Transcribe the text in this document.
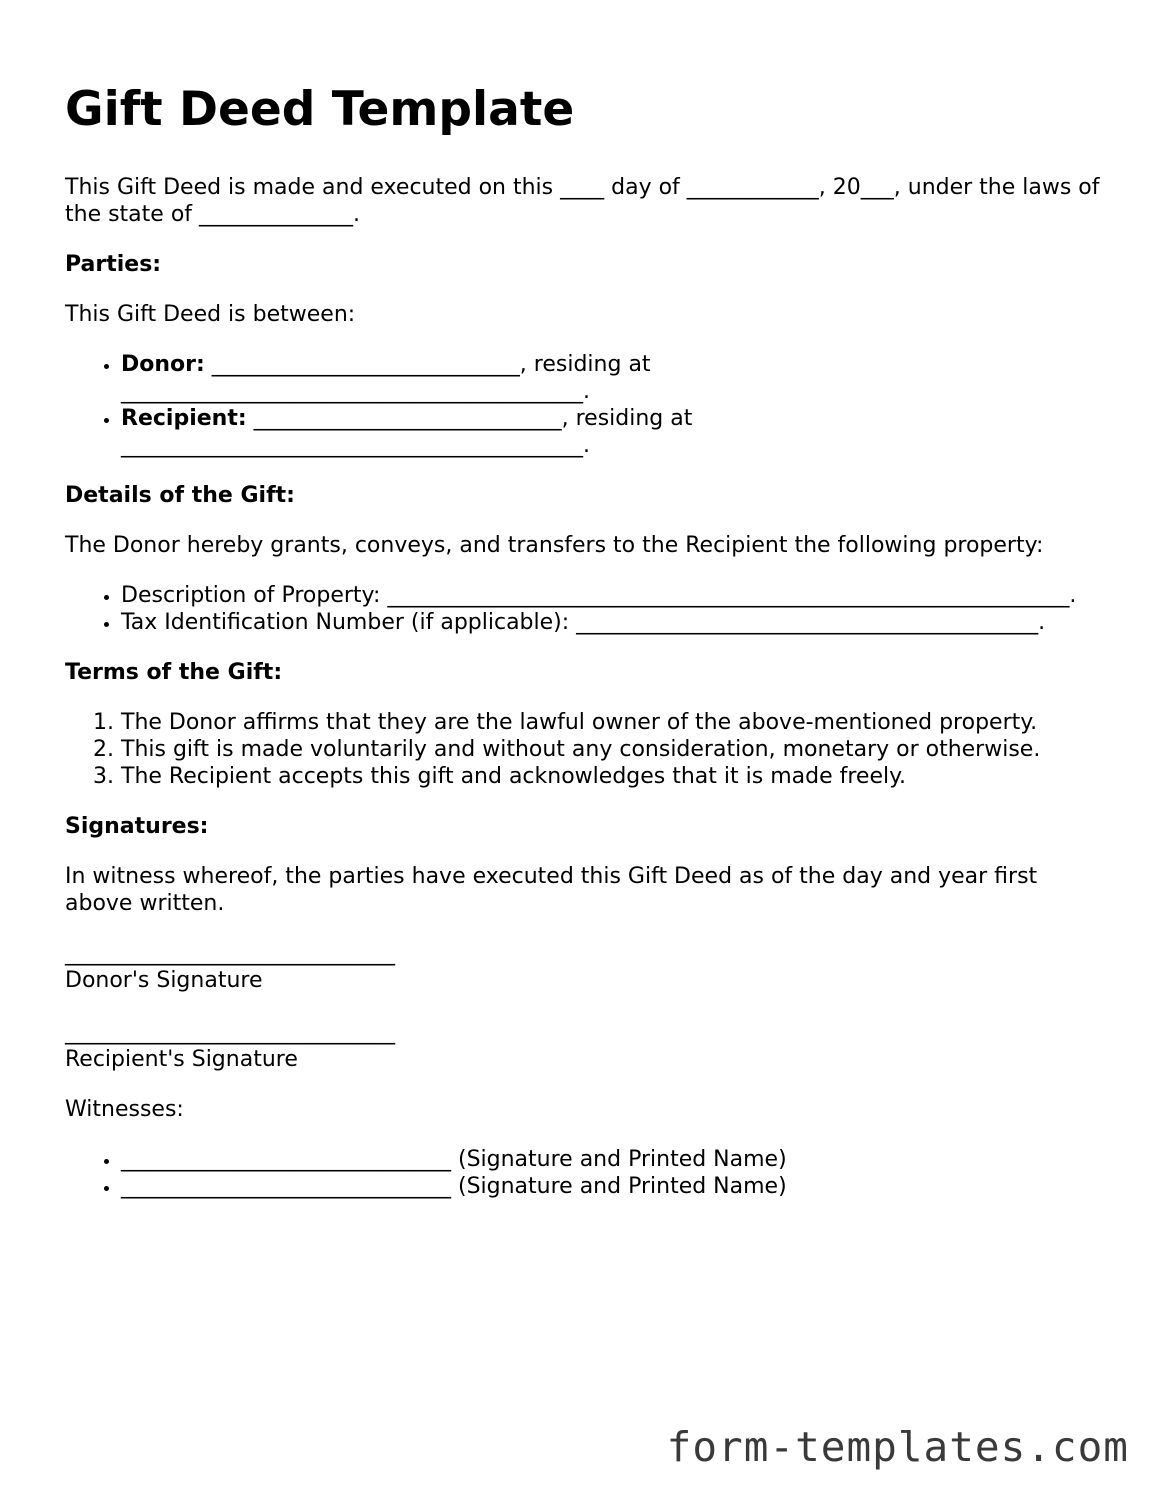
Gift Deed Template

This Gift Deed is made and executed on this ____ day of ____________, 20___, under the laws of the state of ______________.

Parties:

This Gift Deed is between:

• Donor: ____________________________, residing at __________________________________________.
• Recipient: ____________________________, residing at __________________________________________.
Details of the Gift:

The Donor hereby grants, conveys, and transfers to the Recipient the following property:

• Description of Property: ______________________________________________________________.
• Tax Identification Number (if applicable): __________________________________________.
Terms of the Gift:
1. The Donor affirms that they are the lawful owner of the above-mentioned property.
2. This gift is made voluntarily and without any consideration, monetary or otherwise.
3. The Recipient accepts this gift and acknowledges that it is made freely.
Signatures:

In witness whereof, the parties have executed this Gift Deed as of the day and year first above written.

______________________________
Donor's Signature
______________________________
Recipient's Signature

Witnesses:

• ______________________________ (Signature and Printed Name)
• ______________________________ (Signature and Printed Name)
form-templates.com
